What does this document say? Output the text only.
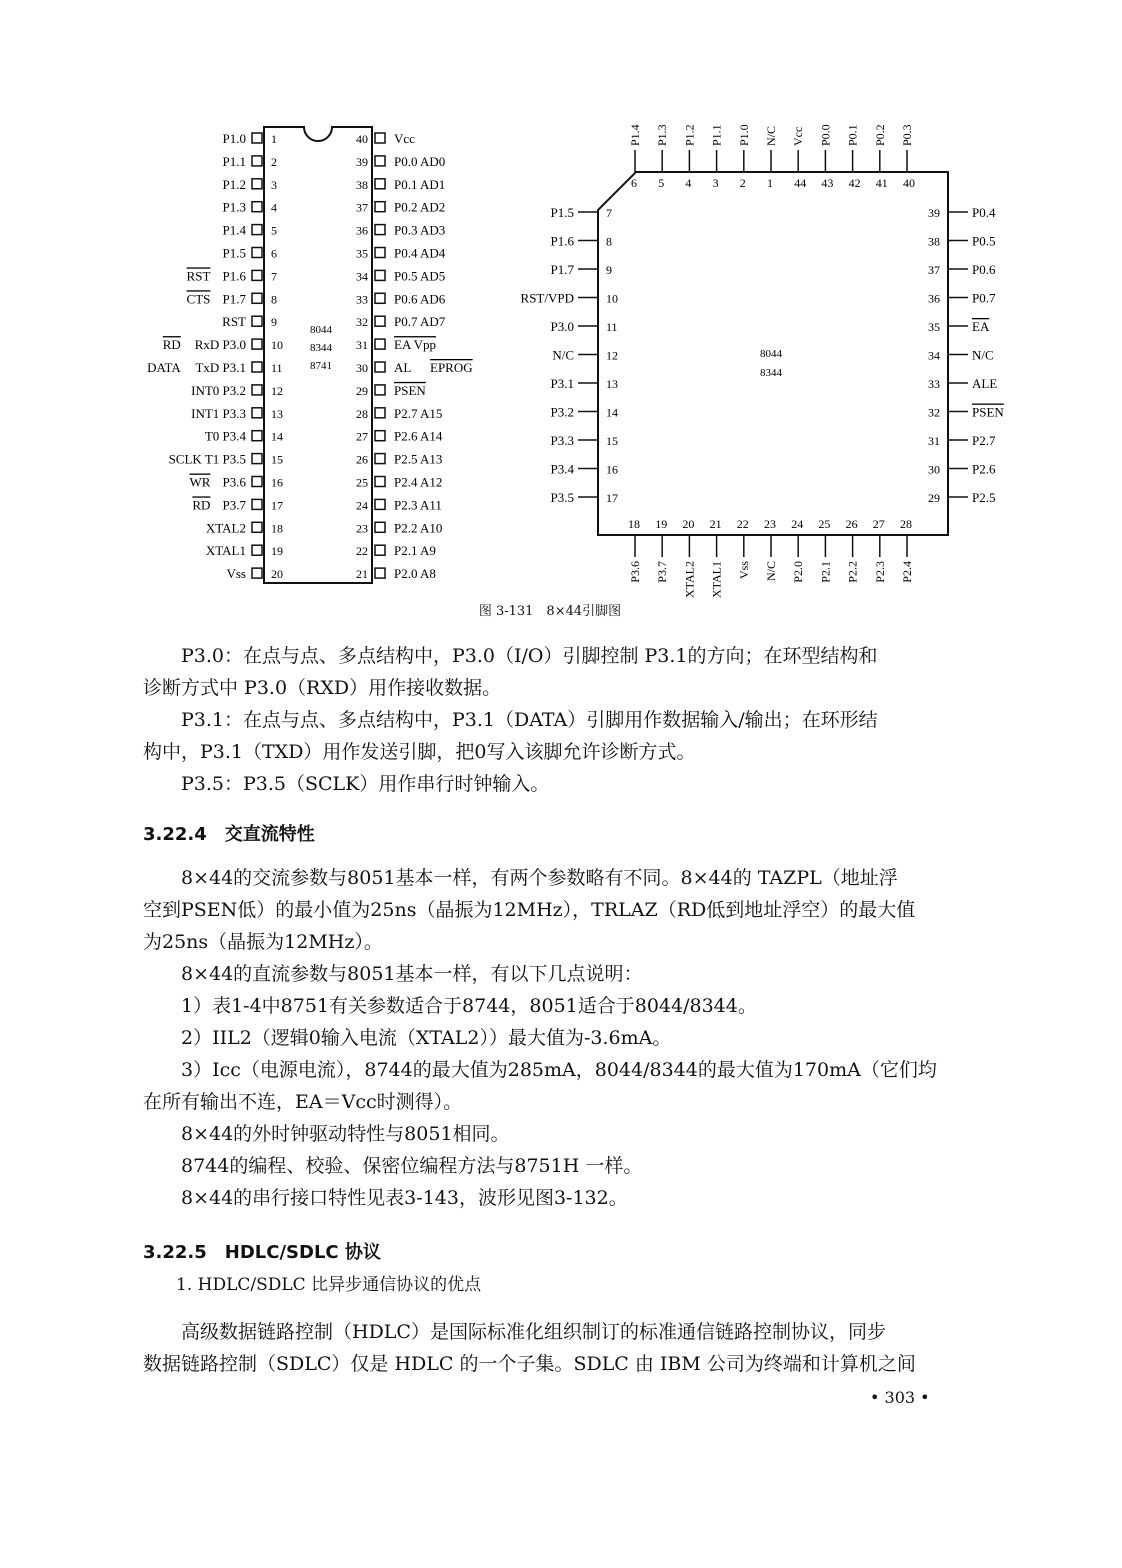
8044
8344
8741
1
P1.0
2
P1.1
3
P1.2
4
P1.3
5
P1.4
6
P1.5
7
P1.6
RST
8
P1.7
CTS
9
RST
10
RxD P3.0
RD
11
TxD P3.1
DATA
12
INT0 P3.2
13
INT1 P3.3
14
T0 P3.4
15
SCLK T1 P3.5
16
P3.6
WR
17
P3.7
RD
18
XTAL2
19
XTAL1
20
Vss
40 Vcc
39 P0.0 AD0
38 P0.1 AD1
37 P0.2 AD2
36 P0.3 AD3
35 P0.4 AD4
34 P0.5 AD5
33 P0.6 AD6
32 P0.7 AD7
31 EA Vpp
30 AL EPROG
29 PSEN
28 P2.7 A15
27 P2.6 A14
26 P2.5 A13
25 P2.4 A12
24 P2.3 A11
23 P2.2 A10
22 P2.1 A9
21 P2.0 A8
8044
8344
6
P1.4
5
P1.3
4
P1.2
3
P1.1
2
P1.0
1
N/C
44
Vcc
43
P0.0
42
P0.1
41
P0.2
40
P0.3
18
P3.6
19
P3.7
20
XTAL2
21
XTAL1
22
Vss
23
N/C
24
P2.0
25
P2.1
26
P2.2
27
P2.3
28
P2.4
7
P1.5
8
P1.6
9
P1.7
10
RST/VPD
11
P3.0
12
N/C
13
P3.1
14
P3.2
15
P3.3
16
P3.4
17
P3.5
39 P0.4
38 P0.5
37 P0.6
36 P0.7
35 EA
34 N/C
33 ALE
32 PSEN
31 P2.7
30 P2.6
29 P2.5
图 3-131　8×44引脚图

P3.0：在点与点、多点结构中，P3.0（I/O）引脚控制 P3.1的方向；在环型结构和

诊断方式中 P3.0（RXD）用作接收数据。

P3.1：在点与点、多点结构中，P3.1（DATA）引脚用作数据输入/输出；在环形结

构中，P3.1（TXD）用作发送引脚，把0写入该脚允许诊断方式。

P3.5：P3.5（SCLK）用作串行时钟输入。

3.22.4　交直流特性

8×44的交流参数与8051基本一样，有两个参数略有不同。8×44的 TAZPL（地址浮

空到PSEN低）的最小值为25ns（晶振为12MHz），TRLAZ（RD低到地址浮空）的最大值

为25ns（晶振为12MHz）。

8×44的直流参数与8051基本一样，有以下几点说明：

1）表1-4中8751有关参数适合于8744，8051适合于8044/8344。

2）IIL2（逻辑0输入电流（XTAL2））最大值为-3.6mA。

3）Icc（电源电流），8744的最大值为285mA，8044/8344的最大值为170mA（它们均

在所有输出不连，EA＝Vcc时测得）。

8×44的外时钟驱动特性与8051相同。

8744的编程、校验、保密位编程方法与8751H 一样。

8×44的串行接口特性见表3-143，波形见图3-132。

3.22.5　HDLC/SDLC 协议
1. HDLC/SDLC 比异步通信协议的优点

高级数据链路控制（HDLC）是国际标准化组织制订的标准通信链路控制协议，同步

数据链路控制（SDLC）仅是 HDLC 的一个子集。SDLC 由 IBM 公司为终端和计算机之间

• 303 •
